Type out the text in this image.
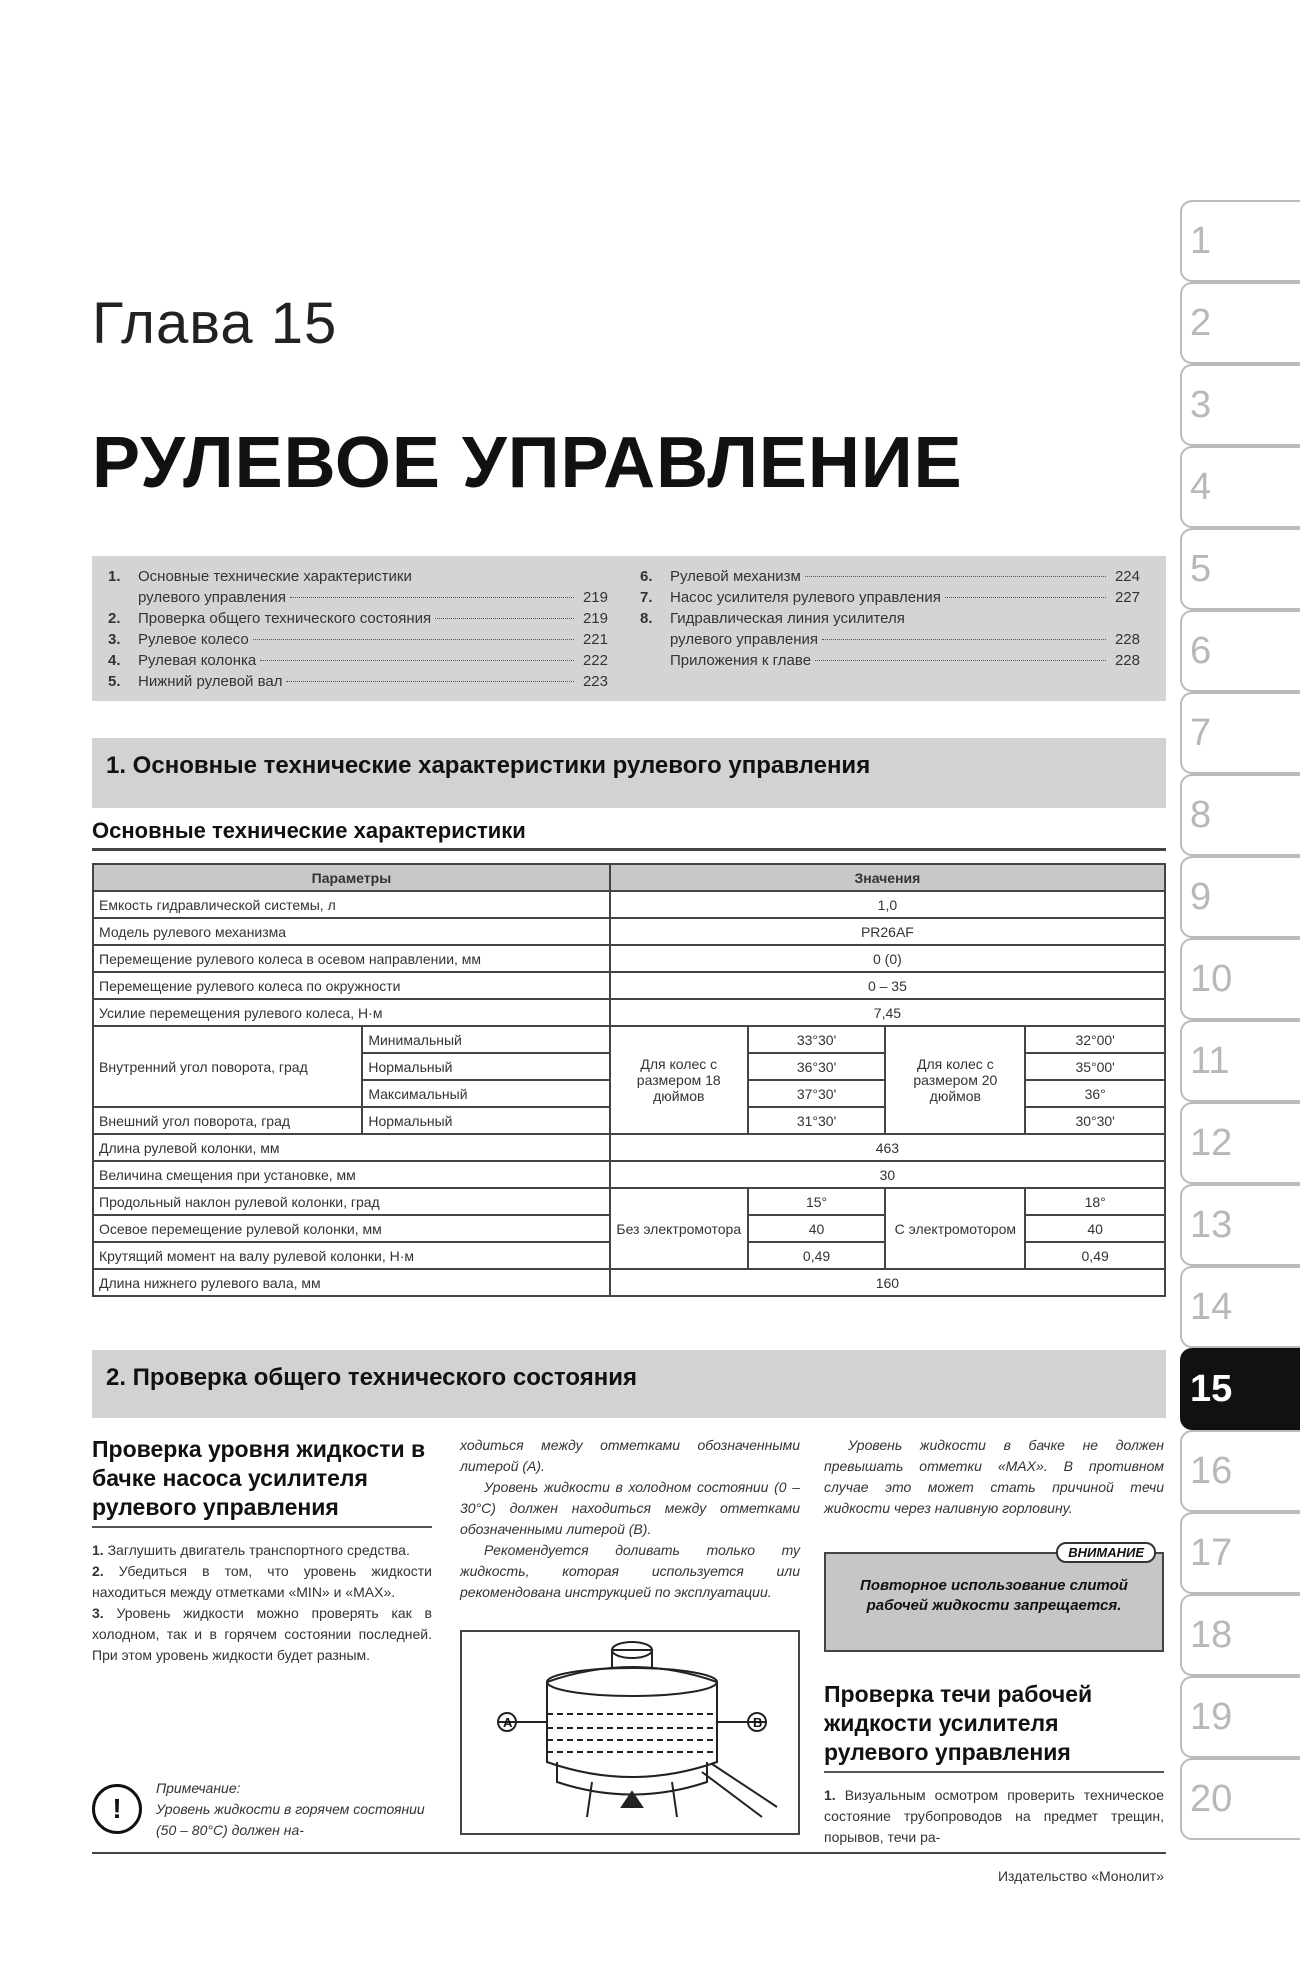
Глава 15
РУЛЕВОЕ УПРАВЛЕНИЕ
1
2
3
4
5
6
7
8
9
10
11
12
13
14
15
16
17
18
19
20
1.	Основные технические характеристики
рулевого управления	219
2.	Проверка общего технического состояния	219
3.	Рулевое колесо	221
4.	Рулевая колонка	222
5.	Нижний рулевой вал	223
6.	Рулевой механизм	224
7.	Насос усилителя рулевого управления	227
8.	Гидравлическая линия усилителя
рулевого управления	228
Приложения к главе	228
1. Основные технические характеристики рулевого управления
Основные технические характеристики
Параметры		Значения			
Емкость гидравлической системы, л		1,0			
Модель рулевого механизма		PR26AF			
Перемещение рулевого колеса в осевом направлении, мм		0 (0)			
Перемещение рулевого колеса по окружности		0 – 35			
Усилие перемещения рулевого колеса, Н·м		7,45			
Внутренний угол поворота, град	Минимальный	Для колес с размером 18 дюймов	33°30'	Для колес с размером 20 дюймов	32°00'
	Нормальный		36°30'		35°00'
	Максимальный		37°30'		36°
Внешний угол поворота, град	Нормальный		31°30'		30°30'
Длина рулевой колонки, мм		463			
Величина смещения при установке, мм		30			
Продольный наклон рулевой колонки, град		Без электромотора	15°	С электромотором	18°
Осевое перемещение рулевой колонки, мм			40		40
Крутящий момент на валу рулевой колонки, Н·м			0,49		0,49
Длина нижнего рулевого вала, мм		160			
2. Проверка общего технического состояния
Проверка уровня жидкости в бачке насоса усилителя рулевого управления

1. Заглушить двигатель транспортного средства.

2. Убедиться в том, что уровень жидкости находиться между отметками «MIN» и «MAX».

3. Уровень жидкости можно проверять как в холодном, так и в горячем состоянии последней. При этом уровень жидкости будет разным.

!
Примечание:
Уровень жидкости в горячем состоянии (50 – 80°C) должен на-

ходиться между отметками обозначенными литерой (A).

Уровень жидкости в холодном состоянии (0 – 30°C) должен находиться между отметками обозначенными литерой (B).

Рекомендуется доливать только ту жидкость, которая используется или рекомендована инструкцией по эксплуатации.

A	B

Уровень жидкости в бачке не должен превышать отметки «MAX». В противном случае это может стать причиной течи жидкости через наливную горловину.

ВНИМАНИЕ
Повторное использование слитой рабочей жидкости запрещается.
Проверка течи рабочей жидкости усилителя рулевого управления

1. Визуальным осмотром проверить техническое состояние трубопроводов на предмет трещин, порывов, течи ра-

Издательство «Монолит»
